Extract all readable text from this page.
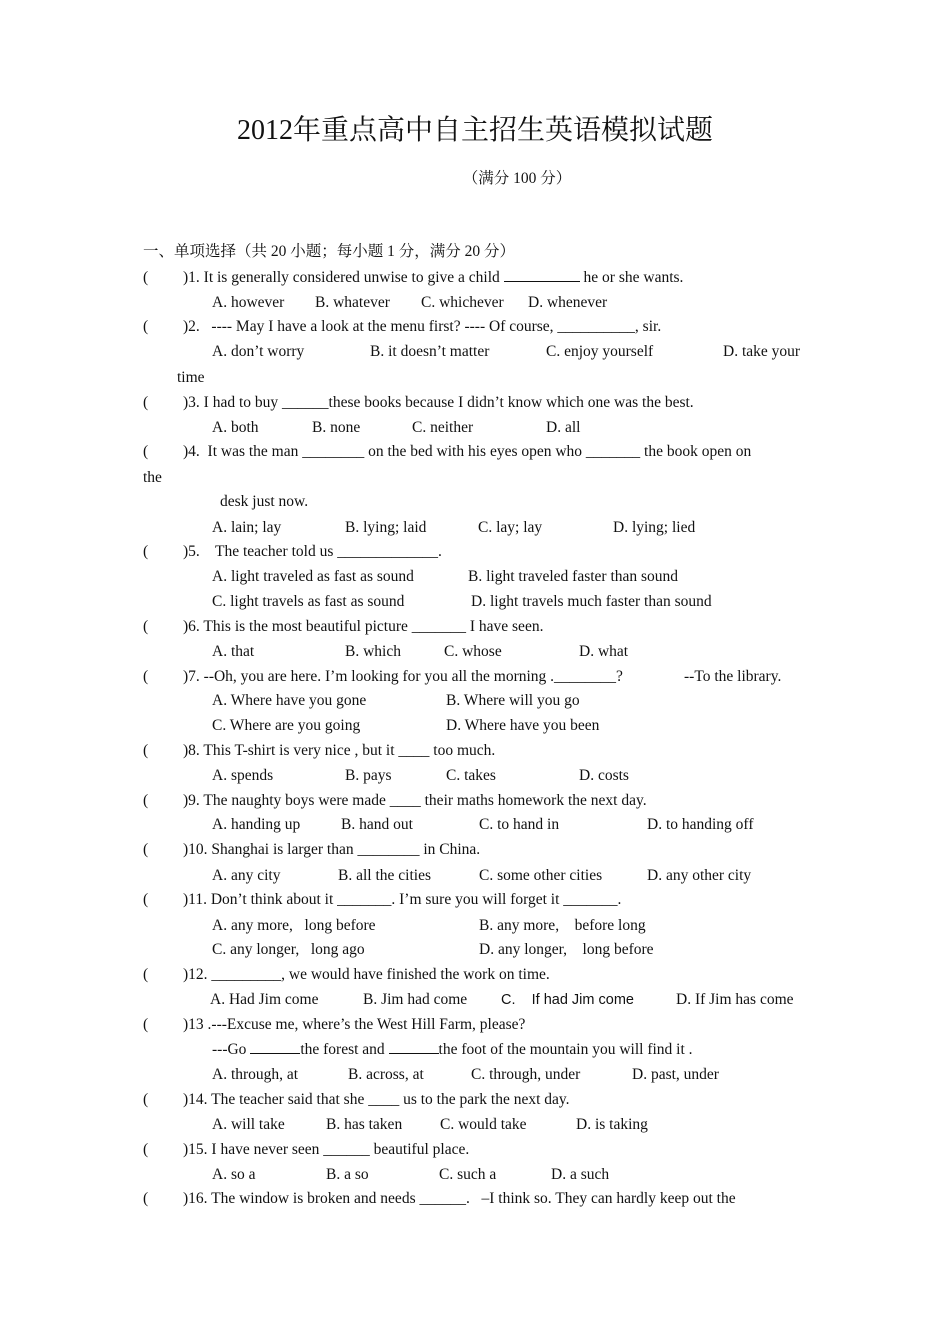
2012年重点高中自主招生英语模拟试题
（满分 100 分）
一、单项选择（共 20 小题；每小题 1 分，满分 20 分）
( )1. It is generally considered unwise to give a child	he or she wants.
A. however B. whatever C. whichever D. whenever
( )2.   ---- May I have a look at the menu first? ---- Of course, __________, sir.
A. don’t worry	B. it doesn’t matter	C. enjoy yourself	D. take your
time
( )3. I had to buy ______these books because I didn’t know which one was the best.
A. both	B. none	C. neither	D. all
( )4.  It was the man ________ on the bed with his eyes open who _______ the book open on
the
desk just now.
A. lain; lay	B. lying; laid	C. lay; lay	D. lying; lied
( )5.    The teacher told us _____________.
A. light traveled as fast as sound	B. light traveled faster than sound
C. light travels as fast as sound	D. light travels much faster than sound
( )6. This is the most beautiful picture _______ I have seen.
A. that	B. which	C. whose	D. what
( )7. --Oh, you are here. I’m looking for you all the morning .________?	--To the library.
A. Where have you gone	B. Where will you go
C. Where are you going	D. Where have you been
( )8. This T-shirt is very nice , but it ____ too much.
A. spends	B. pays	C. takes	D. costs
( )9. The naughty boys were made ____ their maths homework the next day.
A. handing up	B. hand out	C. to hand in	D. to handing off
( )10. Shanghai is larger than ________ in China.
A. any city	B. all the cities	C. some other cities	D. any other city
( )11. Don’t think about it _______. I’m sure you will forget it _______.
A. any more,   long before	B. any more,    before long
C. any longer,   long ago	D. any longer,    long before
( )12. _________, we would have finished the work on time.
A. Had Jim come	B. Jim had come C.    If had Jim come	D. If Jim has come
( )13 .---Excuse me, where’s the West Hill Farm, please?
---Go	the forest and	the foot of the mountain you will find it .
A. through, at	B. across, at	C. through, under	D. past, under
( )14. The teacher said that she ____ us to the park the next day.
A. will take	B. has taken C. would take	D. is taking
( )15. I have never seen ______ beautiful place.
A. so a	B. a so	C. such a	D. a such
( )16. The window is broken and needs ______.   –I think so. They can hardly keep out the
